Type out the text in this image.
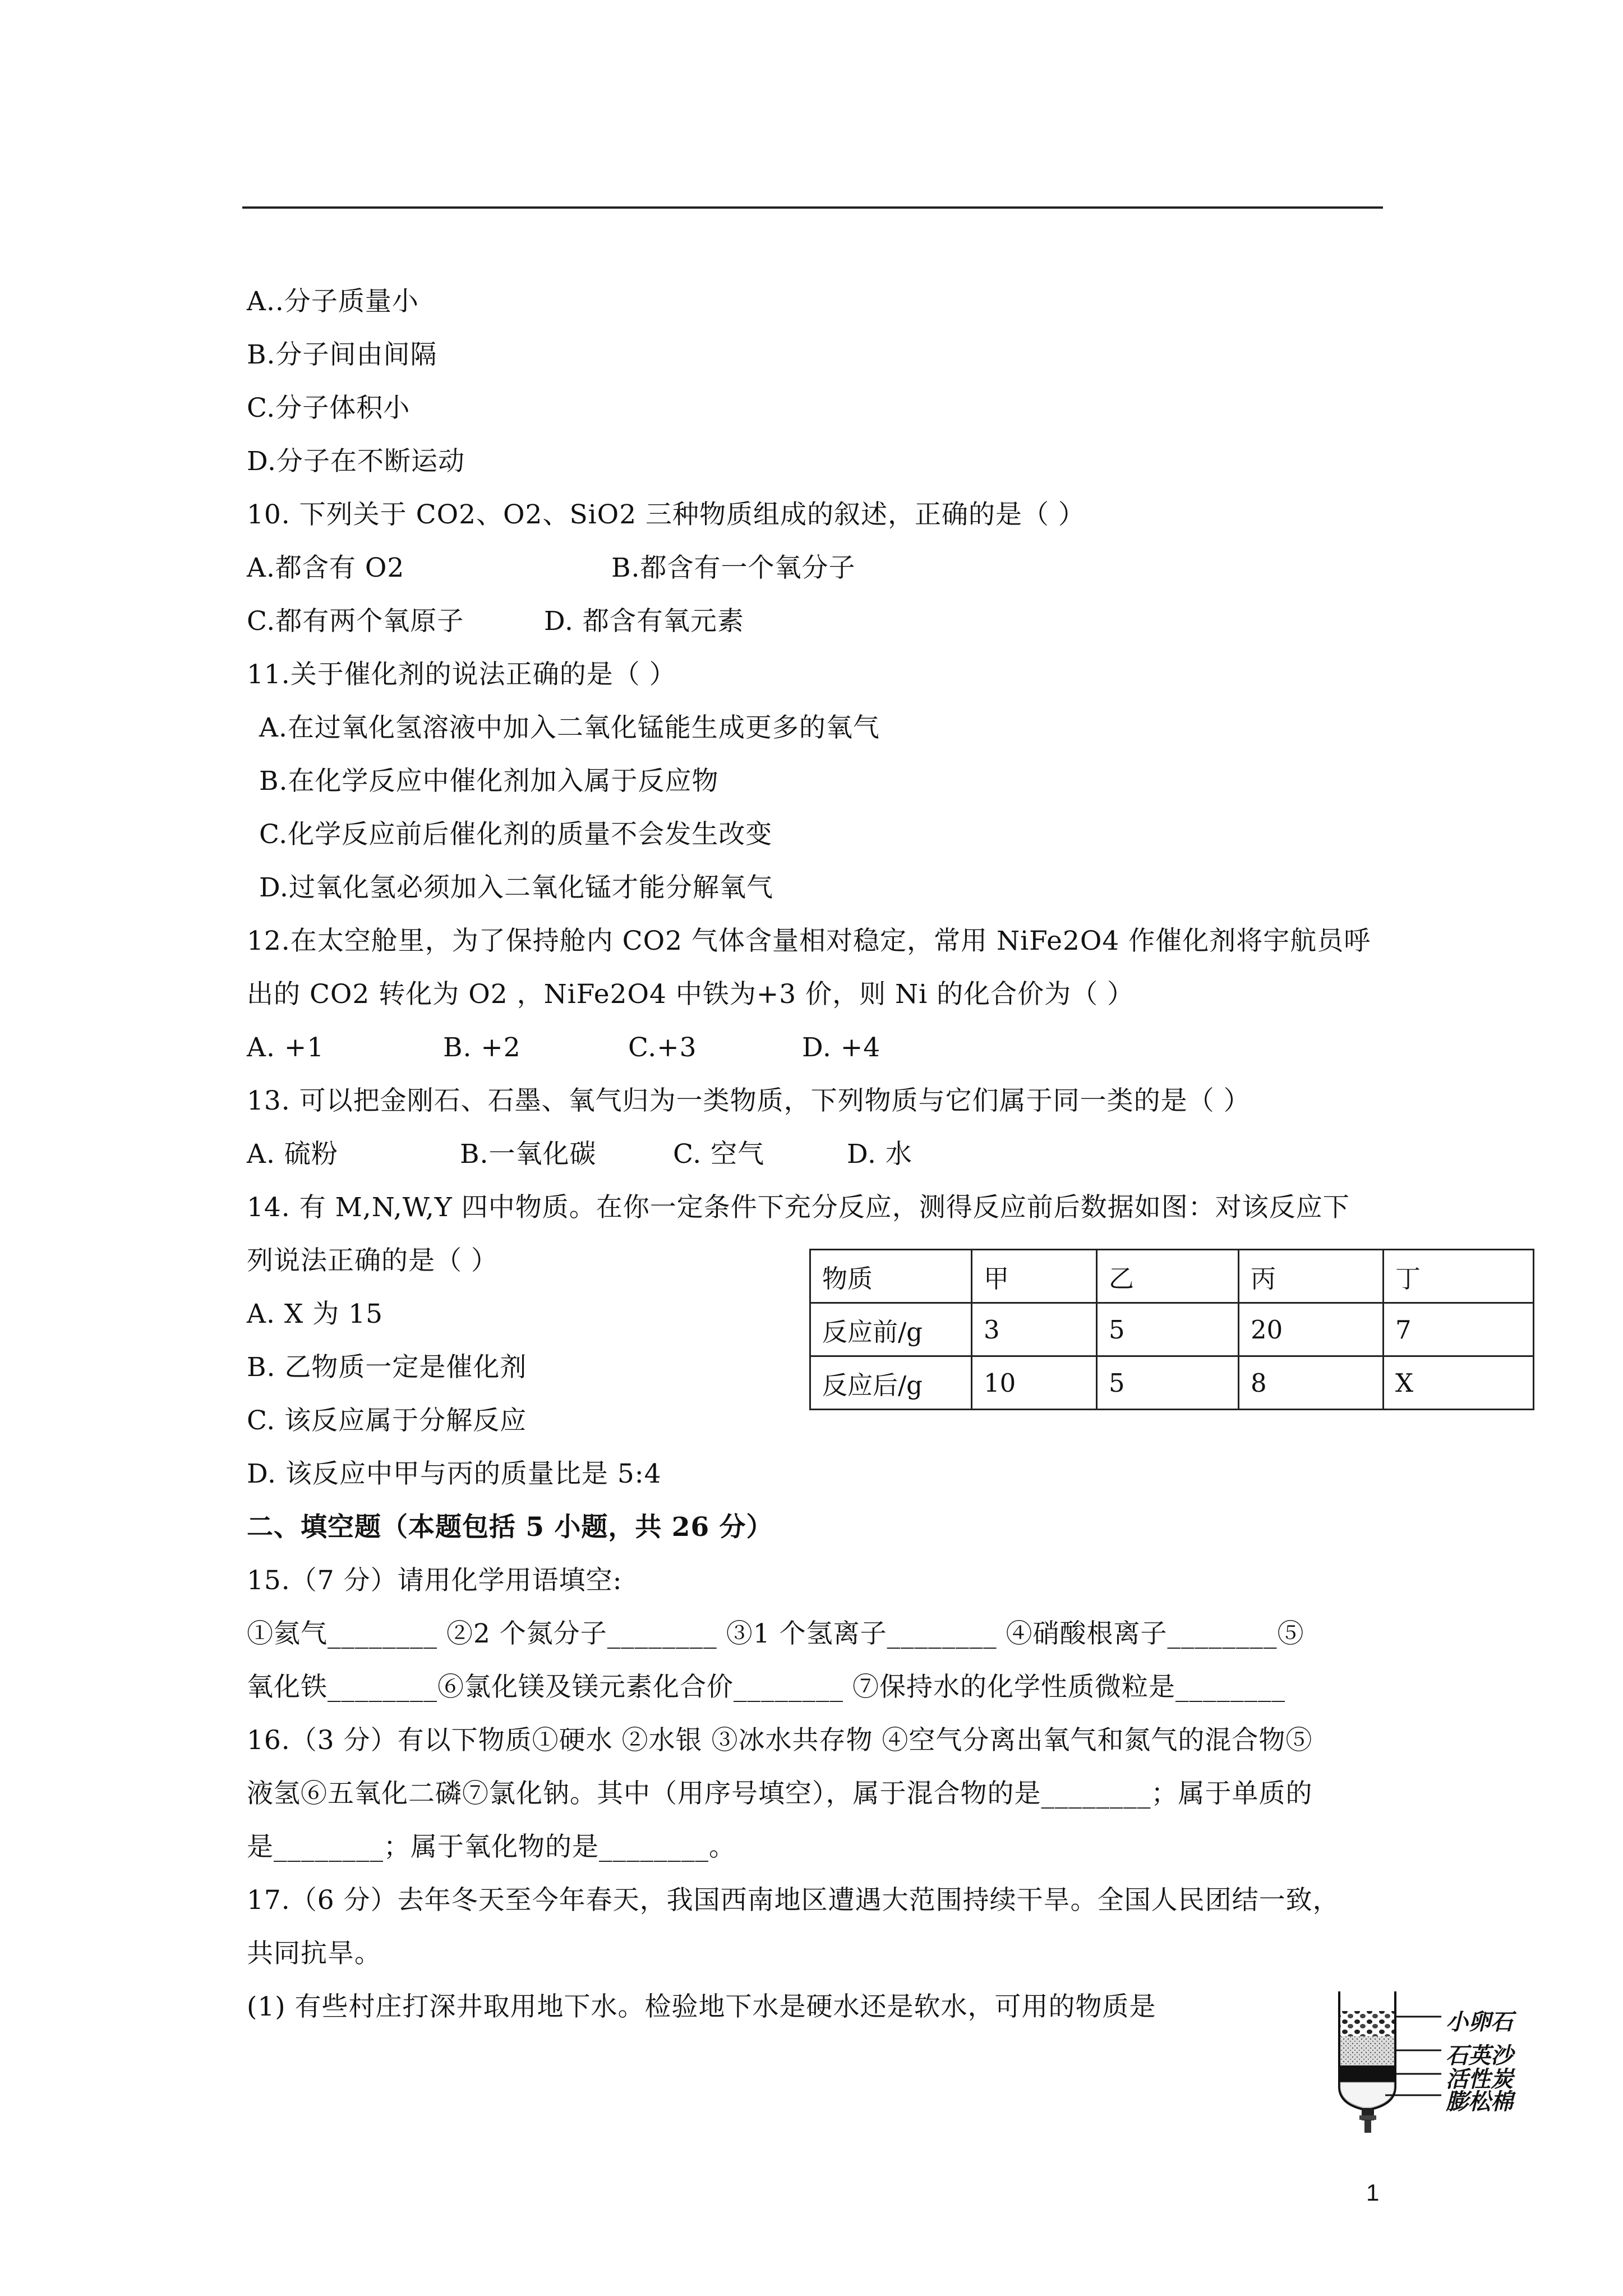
A..分子质量小
B.分子间由间隔
C.分子体积小
D.分子在不断运动
10. 下列关于 CO2、O2、SiO2 三种物质组成的叙述，正确的是（ ）
A.都含有 O2	B.都含有一个氧分子
C.都有两个氧原子	D. 都含有氧元素
11.关于催化剂的说法正确的是（ ）
A.在过氧化氢溶液中加入二氧化锰能生成更多的氧气
B.在化学反应中催化剂加入属于反应物
C.化学反应前后催化剂的质量不会发生改变
D.过氧化氢必须加入二氧化锰才能分解氧气
12.在太空舱里，为了保持舱内 CO2 气体含量相对稳定，常用 NiFe2O4 作催化剂将宇航员呼
出的 CO2 转化为 O2 ，NiFe2O4 中铁为+3 价，则 Ni 的化合价为（ ）
A. +1	B. +2	C.+3	D. +4
13. 可以把金刚石、石墨、氧气归为一类物质，下列物质与它们属于同一类的是（ ）
A. 硫粉	B.一氧化碳	C. 空气	D. 水
14. 有 M,N,W,Y 四中物质。在你一定条件下充分反应，测得反应前后数据如图：对该反应下
列说法正确的是（ ）
A. X 为 15
B. 乙物质一定是催化剂
C. 该反应属于分解反应
D. 该反应中甲与丙的质量比是 5:4
二、填空题（本题包括 5 小题，共 26 分）
15.（7 分）请用化学用语填空:
①氦气________ ②2 个氮分子________ ③1 个氢离子________ ④硝酸根离子________⑤
氧化铁________⑥氯化镁及镁元素化合价________ ⑦保持水的化学性质微粒是________
16.（3 分）有以下物质①硬水 ②水银 ③冰水共存物 ④空气分离出氧气和氮气的混合物⑤
液氢⑥五氧化二磷⑦氯化钠。其中（用序号填空），属于混合物的是________；属于单质的
是________；属于氧化物的是________。
17.（6 分）去年冬天至今年春天，我国西南地区遭遇大范围持续干旱。全国人民团结一致，
共同抗旱。
(1) 有些村庄打深井取用地下水。检验地下水是硬水还是软水，可用的物质是
物质	甲	乙	丙	丁
反应前/g	3	5	20	7
反应后/g	10	5	8	X
小卵石
石英沙
活性炭
膨松棉
1
